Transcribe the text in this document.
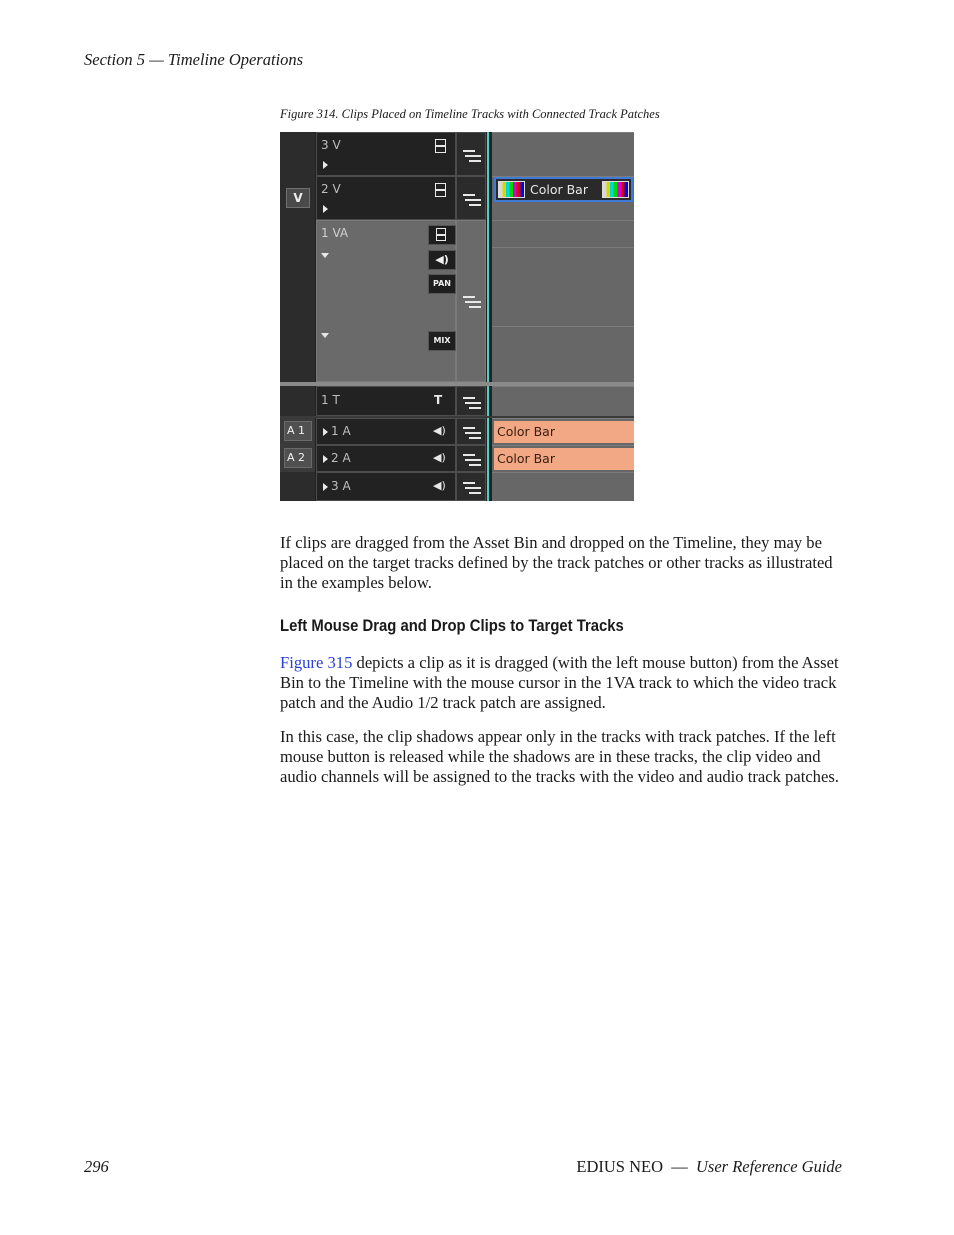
Section 5 — Timeline Operations
Figure 314. Clips Placed on Timeline Tracks with Connected Track Patches
3 V
V
2 V	Color Bar
1 VA
◀)
PAN
MIX
1 T	T
A 1	1 A	◀)	Color Bar
A 2	2 A	◀)	Color Bar
3 A	◀)
If clips are dragged from the Asset Bin and dropped on the Timeline, they may be placed on the target tracks defined by the track patches or other tracks as illustrated in the examples below.
Left Mouse Drag and Drop Clips to Target Tracks
Figure 315 depicts a clip as it is dragged (with the left mouse button) from the Asset Bin to the Timeline with the mouse cursor in the 1VA track to which the video track patch and the Audio 1/2 track patch are assigned.
In this case, the clip shadows appear only in the tracks with track patches. If the left mouse button is released while the shadows are in these tracks, the clip video and audio channels will be assigned to the tracks with the video and audio track patches.
296	EDIUS NEO — User Reference Guide
